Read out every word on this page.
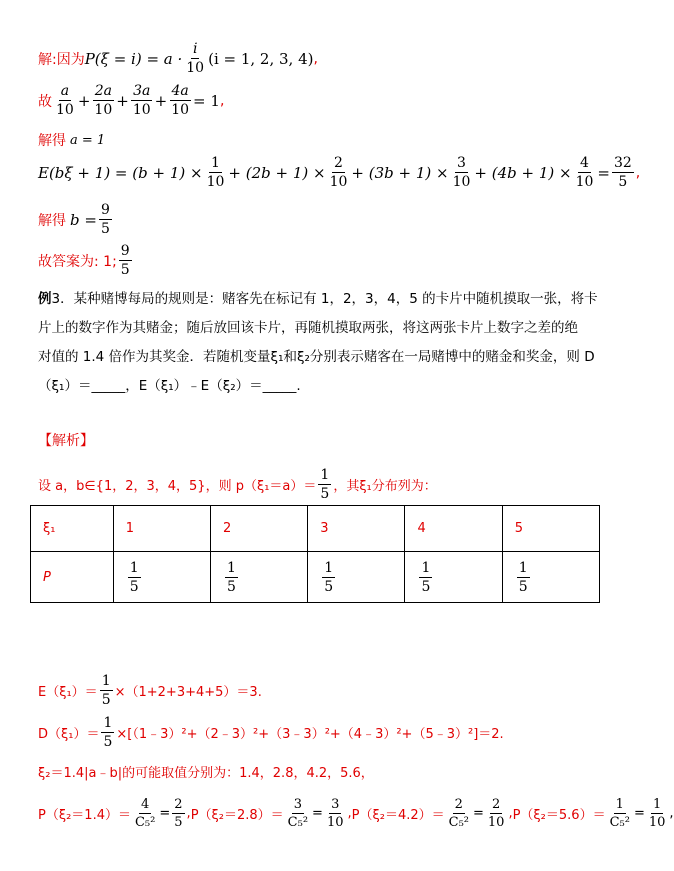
解:因为 $P(\xi = i) = a \cdot \frac{i}{10} (i = 1$, 2, 3, 4) ,
故 $\frac{a}{10} + \frac{2a}{10} + \frac{3a}{10} + \frac{4a}{10} = 1$ ,
解得 a = 1
$E(b\xi + 1) = (b + 1) \times \frac{1}{10} + (2b + 1) \times \frac{2}{10} + (3b + 1) \times \frac{3}{10} + (4b + 1) \times \frac{4}{10} = \frac{32}{5}$ ,
解得 $b = \frac{9}{5}$
故答案为: 1; $\frac{9}{5}$
例3．某种赌博每局的规则是：赌客先在标记有 1，2，3，4，5 的卡片中随机摸取一张，将卡
片上的数字作为其赌金；随后放回该卡片，再随机摸取两张，将这两张卡片上数字之差的绝
对值的 1.4 倍作为其奖金．若随机变量ξ₁和ξ₂分别表示赌客在一局赌博中的赌金和奖金，则 D
（ξ₁）＝_____，E（ξ₁）﹣E（ξ₂）＝_____.
【解析】
设 a，b∈{1，2，3，4，5}，则 $p(\xi_1=a)= \frac{1}{5}$ ，其ξ₁分布列为：
ξ₁	1	2	3	4	5
P	$\frac{1}{5}$	$\frac{1}{5}$	$\frac{1}{5}$	$\frac{1}{5}$	$\frac{1}{5}$
$E(\xi_1)= \frac{1}{5} \times(1+2+3+4+5)=3$.
$D(\xi_1)= \frac{1}{5}$ ×[（1﹣3）²+（2﹣3）²+（3﹣3）²+（4﹣3）²+（5﹣3）²]＝2.
ξ₂＝1.4|a﹣b|的可能取值分别为：1.4，2.8，4.2，5.6，
$P(\xi_2=1.4)= \frac{4}{\text{C₅²}} = \frac{2}{5}$ , $P(\xi_2=2.8)= \frac{3}{\text{C₅²}} = \frac{3}{10}$ , $P(\xi_2=4.2)= \frac{2}{\text{C₅²}} = \frac{2}{10}$ , $P(\xi_2=5.6)= \frac{1}{\text{C₅²}} = \frac{1}{10}$ ,
